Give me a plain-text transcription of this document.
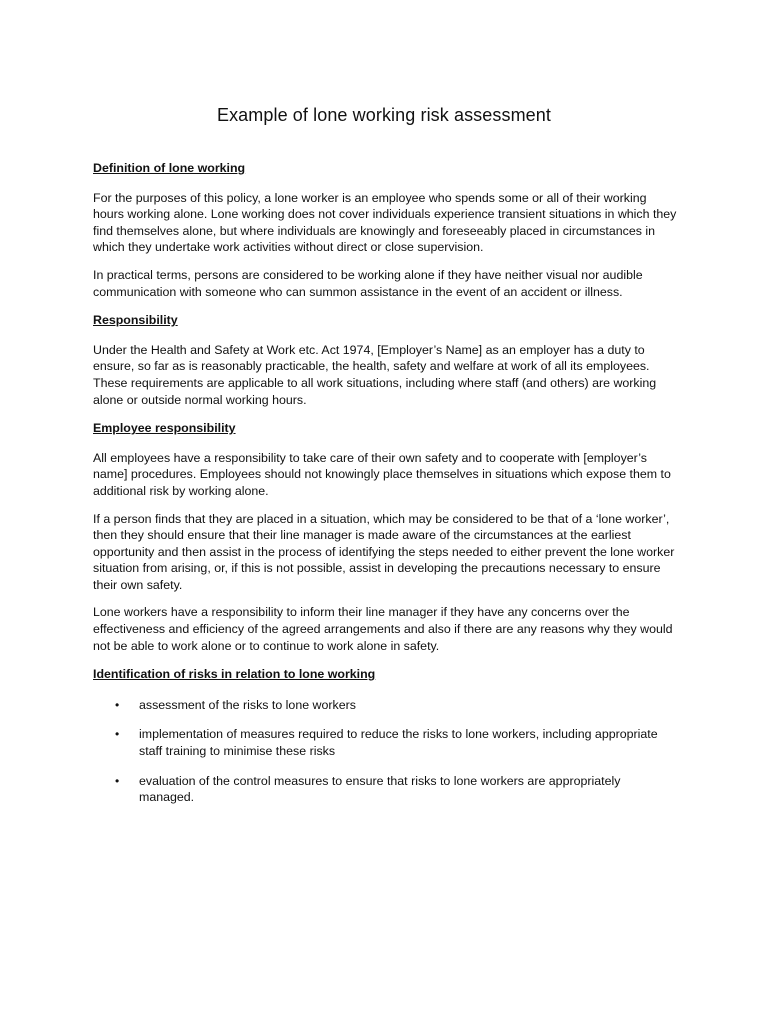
Example of lone working risk assessment

Definition of lone working

For the purposes of this policy, a lone worker is an employee who spends some or all of their working hours working alone. Lone working does not cover individuals experience transient situations in which they find themselves alone, but where individuals are knowingly and foreseeably placed in circumstances in which they undertake work activities without direct or close supervision.

In practical terms, persons are considered to be working alone if they have neither visual nor audible communication with someone who can summon assistance in the event of an accident or illness.

Responsibility

Under the Health and Safety at Work etc. Act 1974, [Employer’s Name] as an employer has a duty to ensure, so far as is reasonably practicable, the health, safety and welfare at work of all its employees. These requirements are applicable to all work situations, including where staff (and others) are working alone or outside normal working hours.

Employee responsibility

All employees have a responsibility to take care of their own safety and to cooperate with [employer’s name] procedures. Employees should not knowingly place themselves in situations which expose them to additional risk by working alone.

If a person finds that they are placed in a situation, which may be considered to be that of a ‘lone worker’, then they should ensure that their line manager is made aware of the circumstances at the earliest opportunity and then assist in the process of identifying the steps needed to either prevent the lone worker situation from arising, or, if this is not possible, assist in developing the precautions necessary to ensure their own safety.

Lone workers have a responsibility to inform their line manager if they have any concerns over the effectiveness and efficiency of the agreed arrangements and also if there are any reasons why they would not be able to work alone or to continue to work alone in safety.

Identification of risks in relation to lone working

• assessment of the risks to lone workers
• implementation of measures required to reduce the risks to lone workers, including appropriate staff training to minimise these risks
• evaluation of the control measures to ensure that risks to lone workers are appropriately managed.
